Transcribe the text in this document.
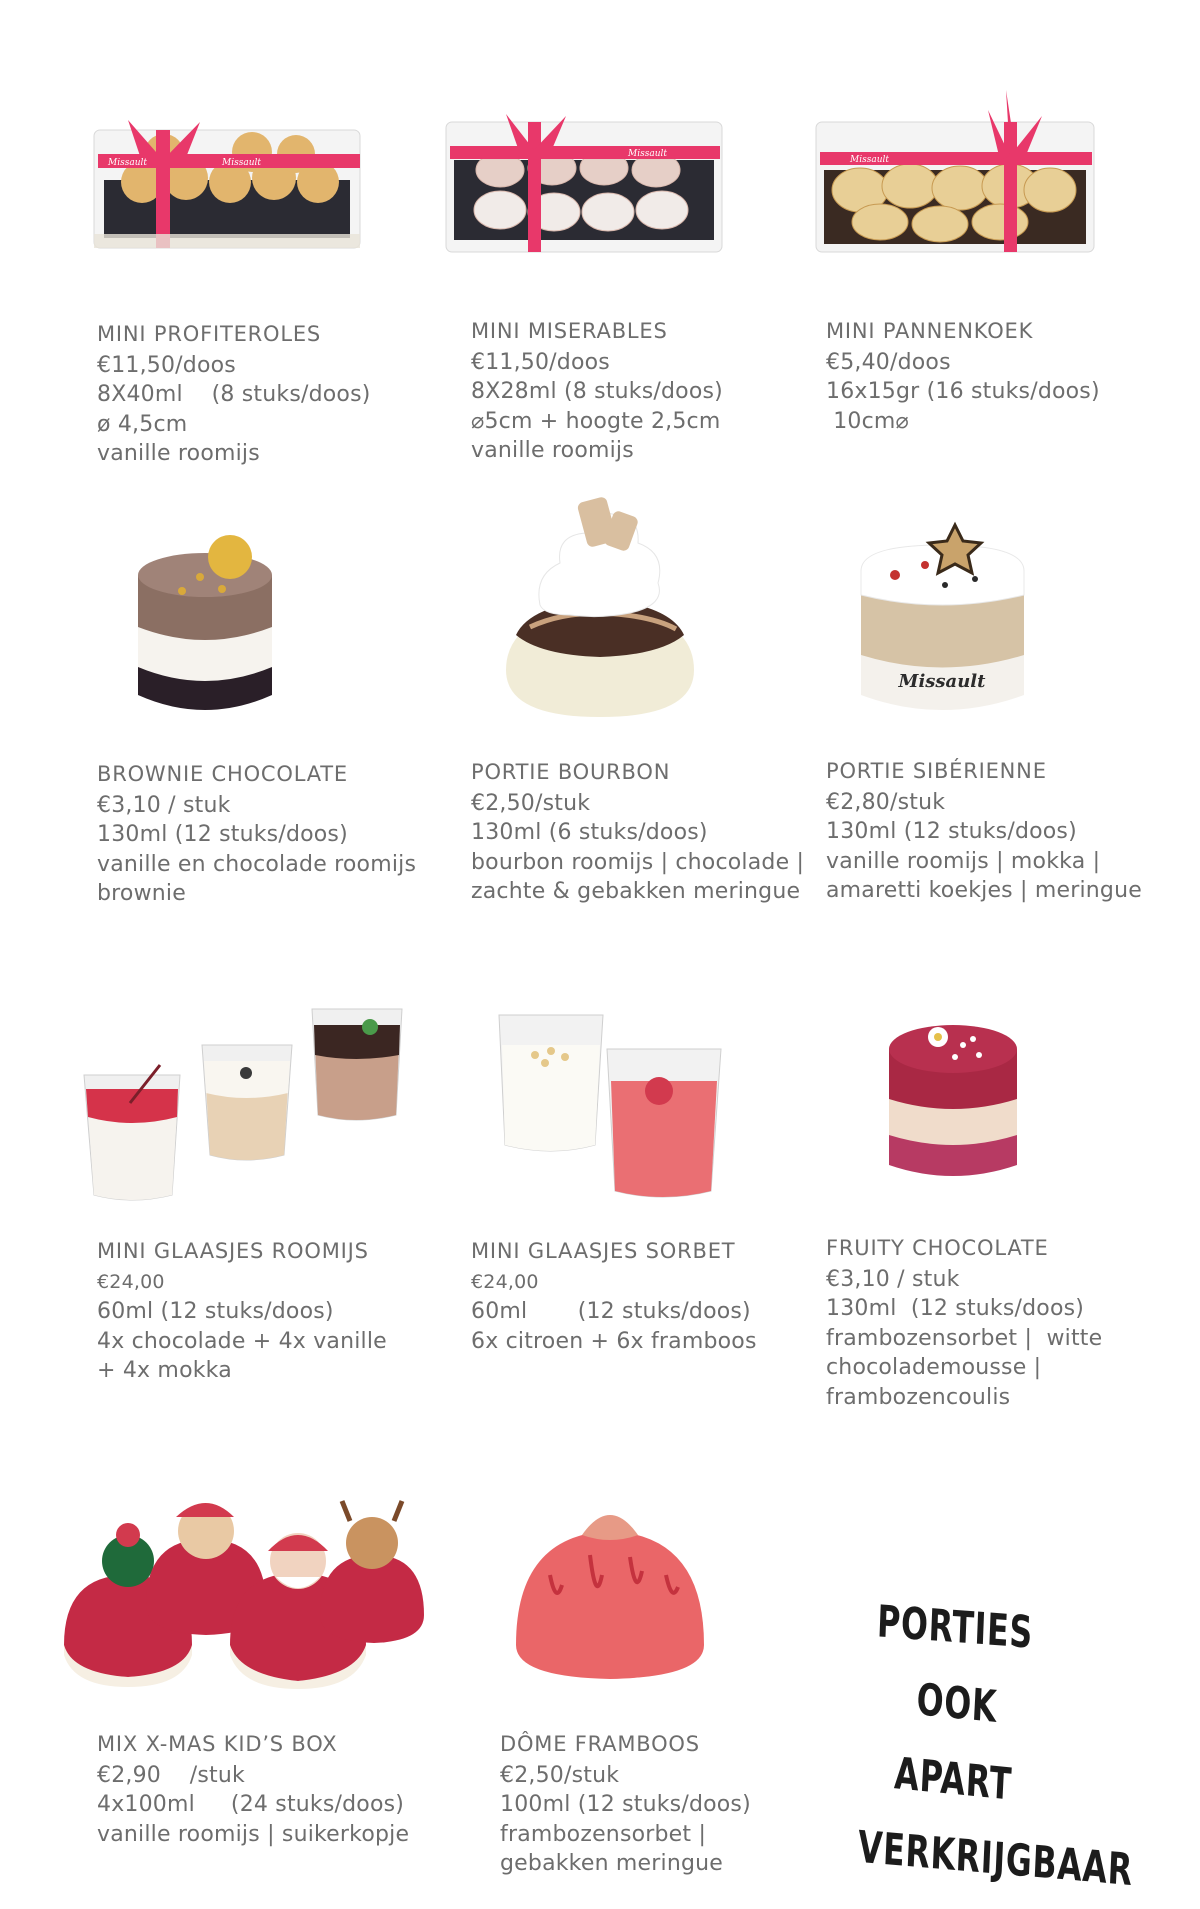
Missault
Missault
MINI PROFITEROLES
€11,50/doos
8X40ml    (8 stuks/doos)
ø 4,5cm
vanille roomijs
Missault
MINI MISERABLES
€11,50/doos
8X28ml (8 stuks/doos)
⌀5cm + hoogte 2,5cm
vanille roomijs
Missault
MINI PANNENKOEK
€5,40/doos
16x15gr (16 stuks/doos)
10cm⌀
BROWNIE CHOCOLATE
€3,10 / stuk
130ml (12 stuks/doos)
vanille en chocolade roomijs
brownie
PORTIE BOURBON
€2,50/stuk
130ml (6 stuks/doos)
bourbon roomijs | chocolade |
zachte & gebakken meringue
Missault
PORTIE SIBÉRIENNE
€2,80/stuk
130ml (12 stuks/doos)
vanille roomijs | mokka |
amaretti koekjes | meringue
MINI GLAASJES ROOMIJS
€24,00
60ml (12 stuks/doos)
4x chocolade + 4x vanille
+ 4x mokka
MINI GLAASJES SORBET
€24,00
60ml       (12 stuks/doos)
6x citroen + 6x framboos
FRUITY CHOCOLATE
€3,10 / stuk
130ml  (12 stuks/doos)
frambozensorbet |  witte
chocolademousse |
frambozencoulis
MIX X-MAS KID’S BOX
€2,90    /stuk
4x100ml     (24 stuks/doos)
vanille roomijs | suikerkopje
DÔME FRAMBOOS
€2,50/stuk
100ml (12 stuks/doos)
frambozensorbet |
gebakken meringue
PORTIES
OOK APART
VERKRIJGBAAR
